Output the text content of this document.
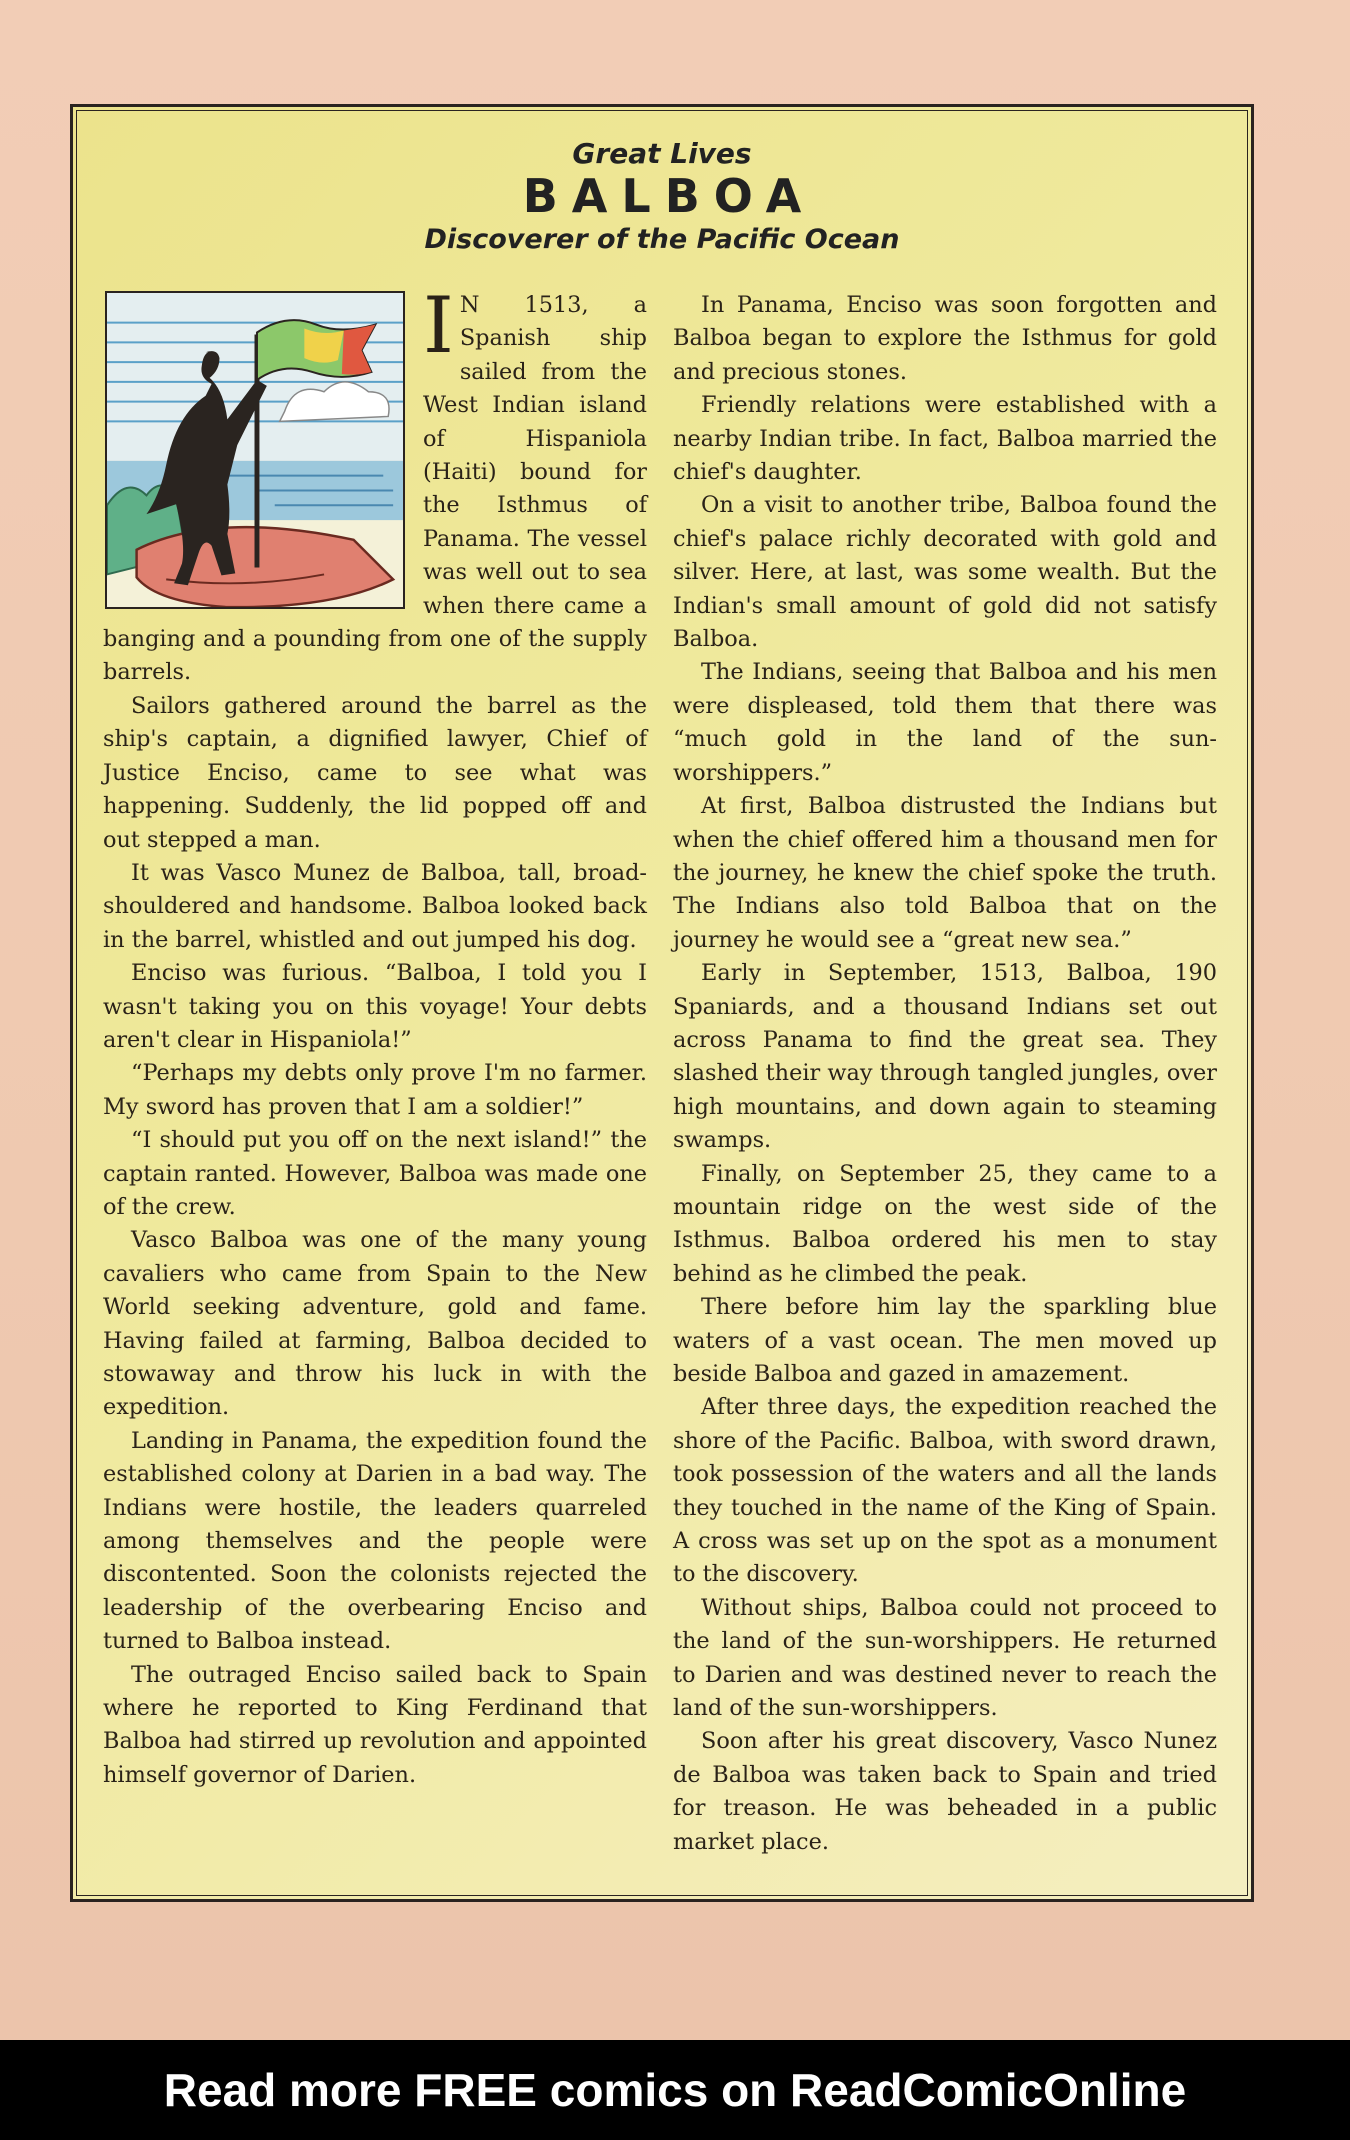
Great Lives
BALBOA
Discoverer of the Pacific Ocean

I N 1513, a Spanish ship sailed from the West Indian island of Hispaniola (Haiti) bound for the Isthmus of Panama. The vessel was well out to sea when there came a banging and a pounding from one of the supply barrels.

Sailors gathered around the barrel as the ship's captain, a dignified lawyer, Chief of Justice Enciso, came to see what was happening. Suddenly, the lid popped off and out stepped a man.

It was Vasco Munez de Balboa, tall, broad-shouldered and handsome. Balboa looked back in the barrel, whistled and out jumped his dog.

Enciso was furious. “Balboa, I told you I wasn't taking you on this voyage! Your debts aren't clear in Hispaniola!”

“Perhaps my debts only prove I'm no farmer. My sword has proven that I am a soldier!”

“I should put you off on the next island!” the captain ranted. However, Balboa was made one of the crew.

Vasco Balboa was one of the many young cavaliers who came from Spain to the New World seeking adventure, gold and fame. Having failed at farming, Balboa decided to stowaway and throw his luck in with the expedition.

Landing in Panama, the expedition found the established colony at Darien in a bad way. The Indians were hostile, the leaders quarreled among themselves and the people were discontented. Soon the colonists rejected the leadership of the overbearing Enciso and turned to Balboa instead.

The outraged Enciso sailed back to Spain where he reported to King Ferdinand that Balboa had stirred up revolution and appointed himself governor of Darien.

In Panama, Enciso was soon forgotten and Balboa began to explore the Isthmus for gold and precious stones.

Friendly relations were established with a nearby Indian tribe. In fact, Balboa married the chief's daughter.

On a visit to another tribe, Balboa found the chief's palace richly decorated with gold and silver. Here, at last, was some wealth. But the Indian's small amount of gold did not satisfy Balboa.

The Indians, seeing that Balboa and his men were displeased, told them that there was “much gold in the land of the sun-worshippers.”

At first, Balboa distrusted the Indians but when the chief offered him a thousand men for the journey, he knew the chief spoke the truth. The Indians also told Balboa that on the journey he would see a “great new sea.”

Early in September, 1513, Balboa, 190 Spaniards, and a thousand Indians set out across Panama to find the great sea. They slashed their way through tangled jungles, over high mountains, and down again to steaming swamps.

Finally, on September 25, they came to a mountain ridge on the west side of the Isthmus. Balboa ordered his men to stay behind as he climbed the peak.

There before him lay the sparkling blue waters of a vast ocean. The men moved up beside Balboa and gazed in amazement.

After three days, the expedition reached the shore of the Pacific. Balboa, with sword drawn, took possession of the waters and all the lands they touched in the name of the King of Spain. A cross was set up on the spot as a monument to the discovery.

Without ships, Balboa could not proceed to the land of the sun-worshippers. He returned to Darien and was destined never to reach the land of the sun-worshippers.

Soon after his great discovery, Vasco Nunez de Balboa was taken back to Spain and tried for treason. He was beheaded in a public market place.

Read more FREE comics on ReadComicOnline
